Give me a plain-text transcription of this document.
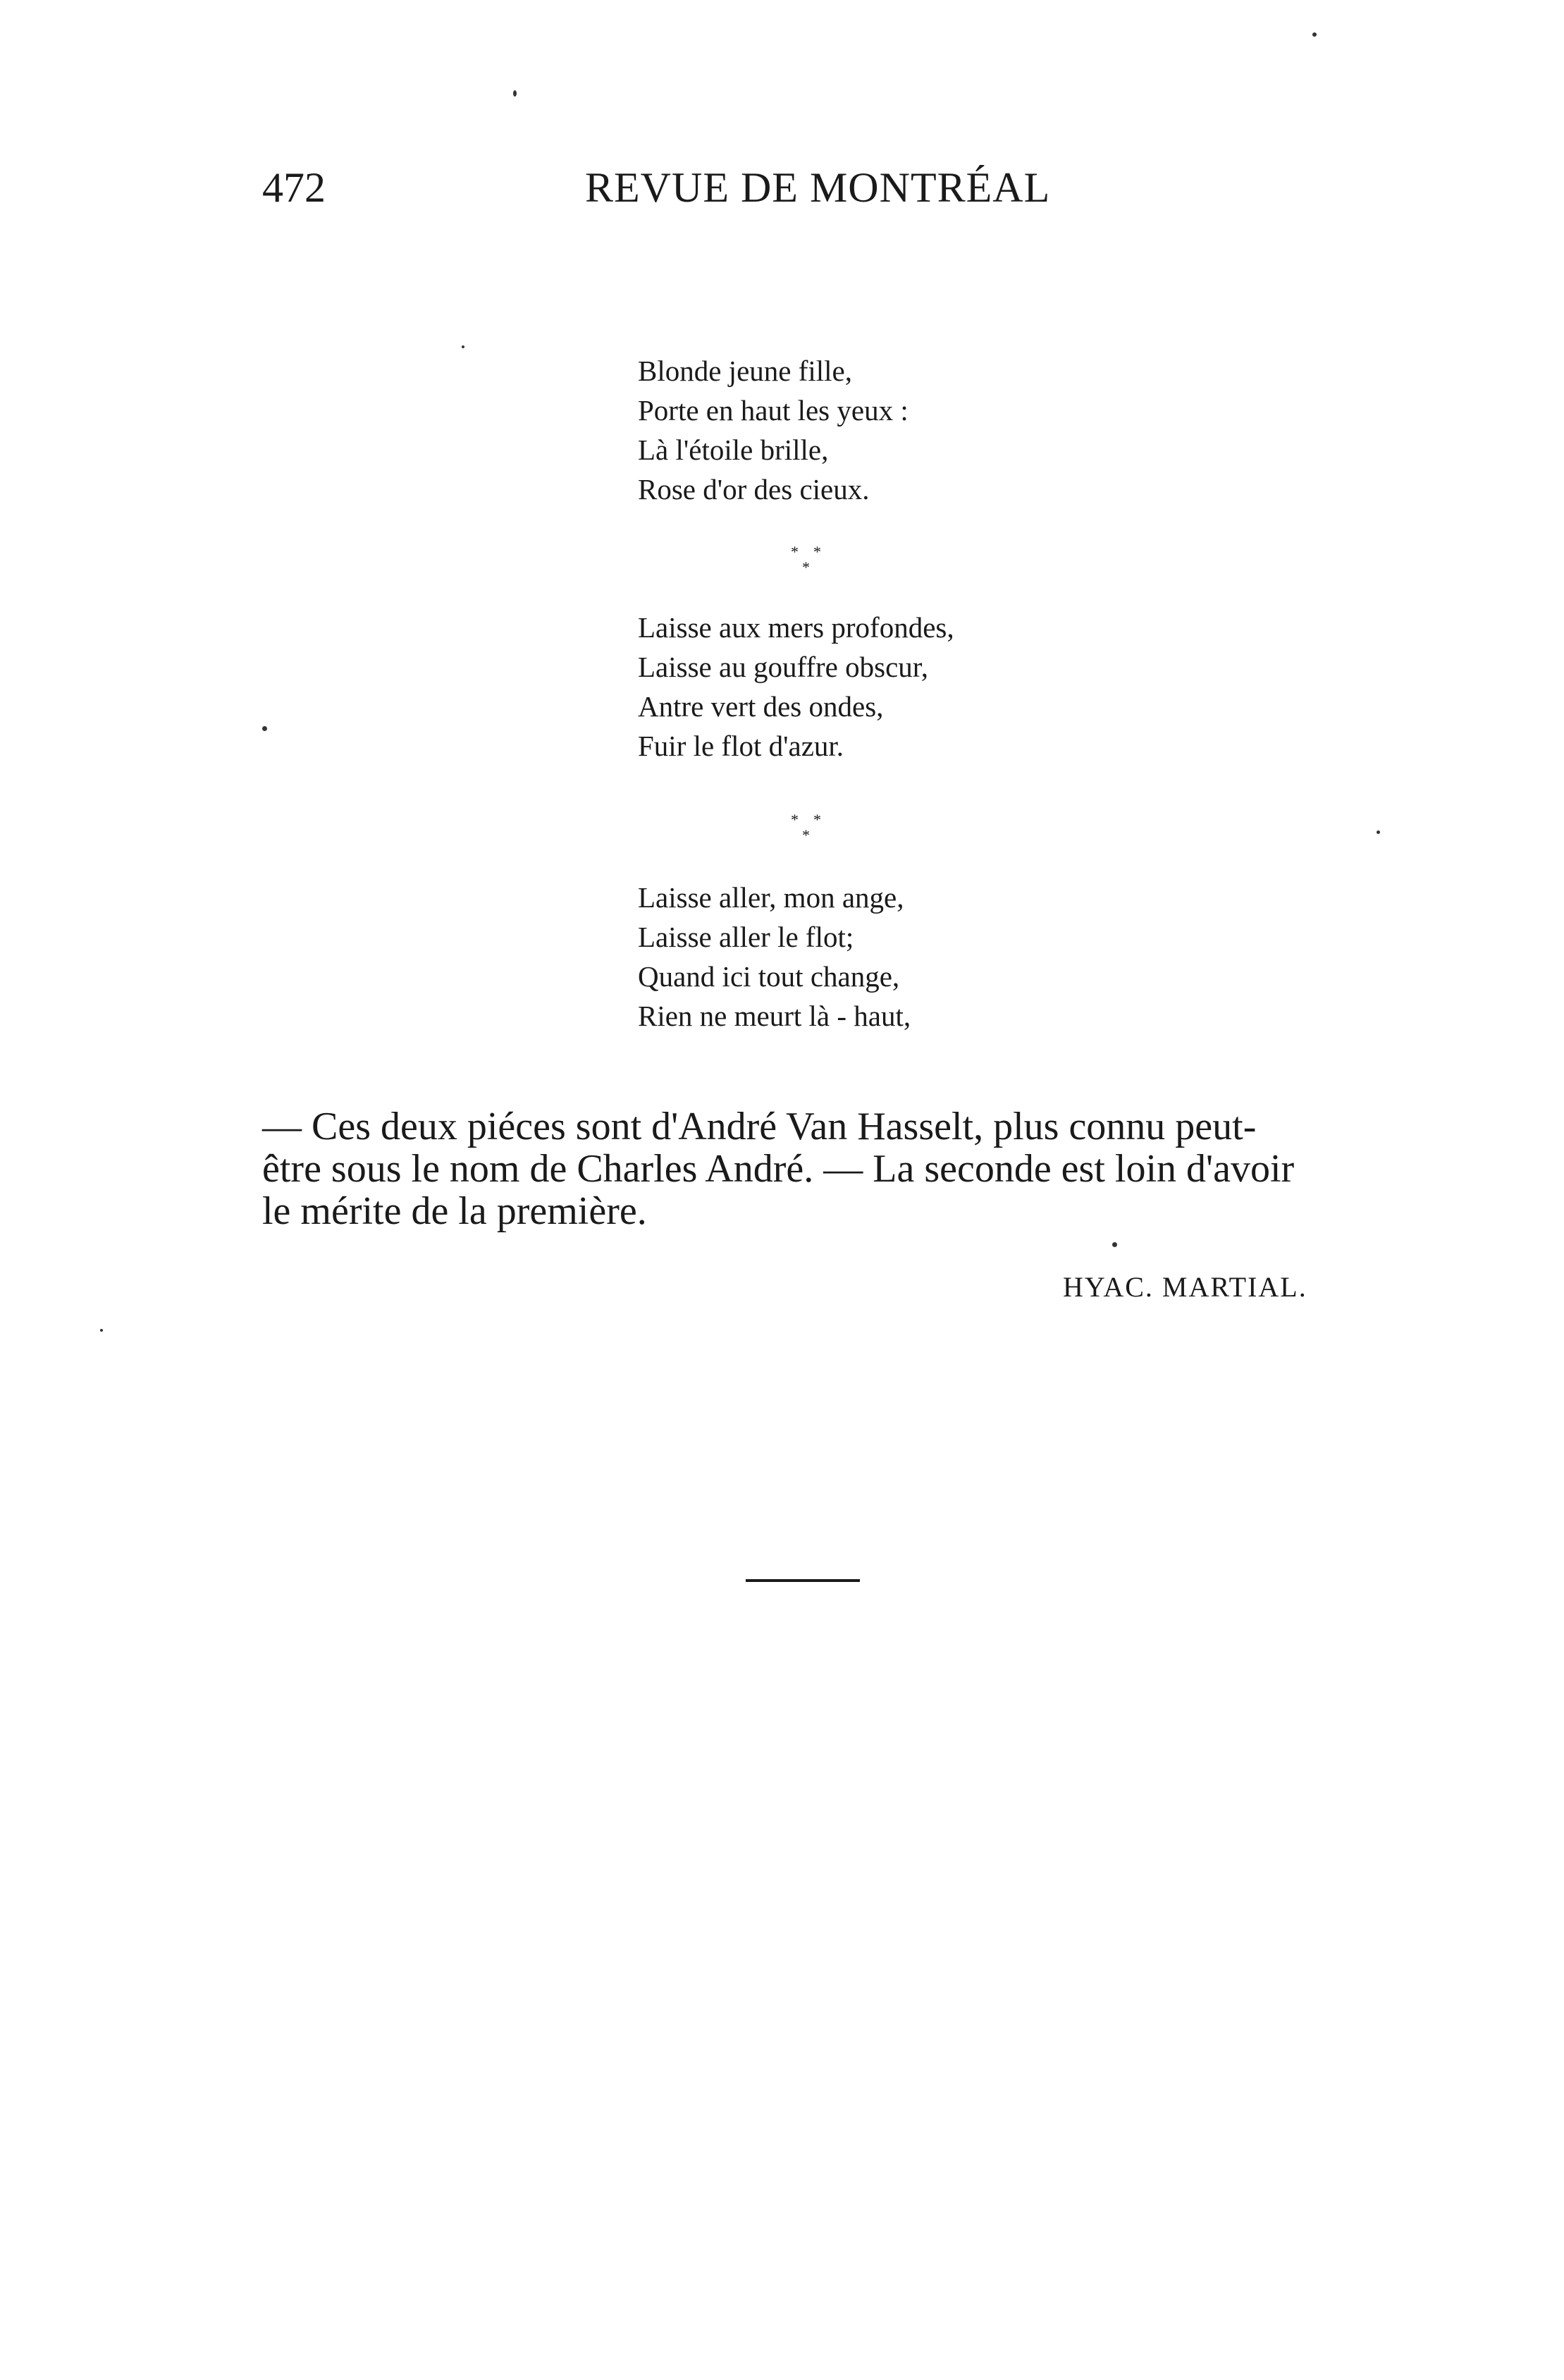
472	REVUE DE MONTRÉAL
Blonde jeune fille,
Porte en haut les yeux :
Là l'étoile brille,
Rose d'or des cieux.
* *
*
Laisse aux mers profondes,
Laisse au gouffre obscur,
Antre vert des ondes,
Fuir le flot d'azur.
* *
*
Laisse aller, mon ange,
Laisse aller le flot;
Quand ici tout change,
Rien ne meurt là - haut,
— Ces deux piéces sont d'André Van Hasselt, plus connu peut-
être sous le nom de Charles André. — La seconde est loin d'avoir
le mérite de la première.
HYAC. MARTIAL.
